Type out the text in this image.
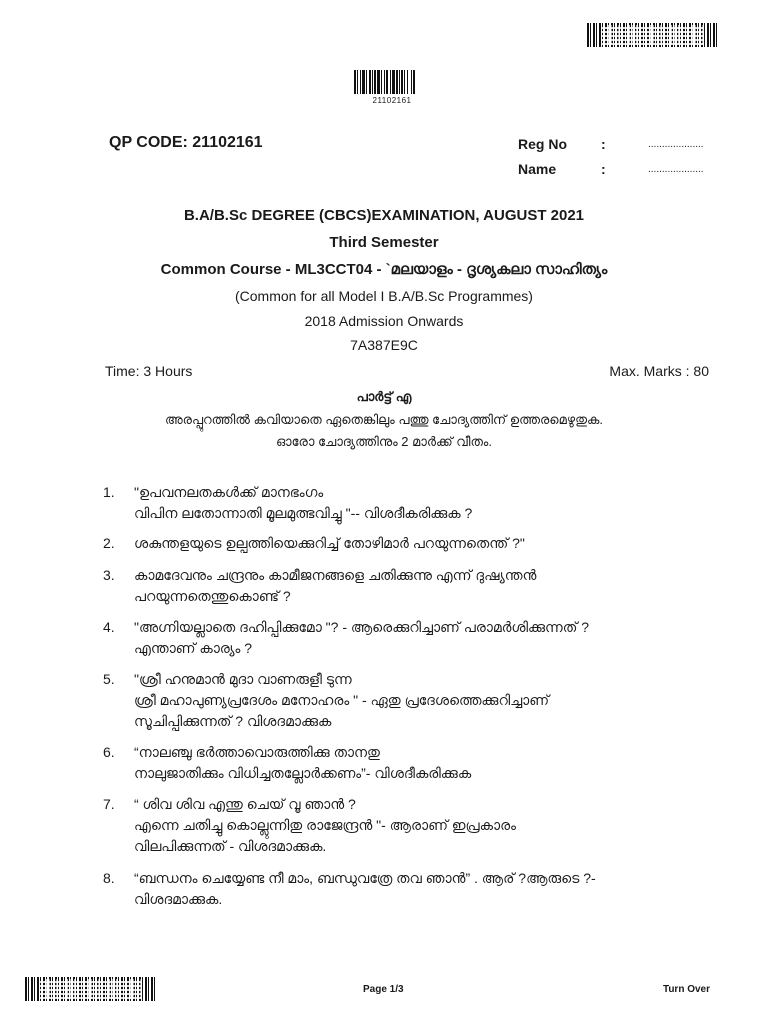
21102161
QP CODE: 21102161	Reg No :	....................
Name	:	....................
B.A/B.Sc DEGREE (CBCS)EXAMINATION, AUGUST 2021
Third Semester
Common Course - ML3CCT04 - `മലയാളം - ദൃശ്യകലാ സാഹിത്യം
(Common for all Model I B.A/B.Sc Programmes)
2018 Admission Onwards
7A387E9C
Time: 3 Hours	Max. Marks : 80
പാർട്ട് എ
അരപ്പുറത്തിൽ കവിയാതെ ഏതെങ്കിലും പത്തു ചോദ്യത്തിന് ഉത്തരമെഴുതുക.
ഓരോ ചോദ്യത്തിനും 2 മാർക്ക് വീതം.
1. "ഉപവനലതകൾക്ക് മാനഭംഗം
വിപിന ലതോന്നാതി മൂലമുത്ഭവിച്ചു "-- വിശദീകരിക്കുക ?
2. ശകുന്തളയുടെ ഉല്പത്തിയെക്കുറിച്ച് തോഴിമാർ പറയുന്നതെന്ത് ?"
3. കാമദേവനും ചന്ദ്രനും കാമീജനങ്ങളെ ചതിക്കുന്നു എന്ന് ദുഷ്യന്തൻ
പറയുന്നതെന്തുകൊണ്ട് ?
4. "അഗ്നിയല്ലാതെ ദഹിപ്പിക്കുമോ "? - ആരെക്കുറിച്ചാണ് പരാമർശിക്കുന്നത് ?
എന്താണ് കാര്യം ?
5. "ശ്രീ ഹനുമാൻ മുദാ വാണരുളീ ടുന്ന
ശ്രീ മഹാപുണ്യപ്രദേശം മനോഹരം " - ഏതു പ്രദേശത്തെക്കുറിച്ചാണ്
സൂചിപ്പിക്കുന്നത് ? വിശദമാക്കുക
6. “നാലഞ്ചു ഭർത്താവൊരുത്തിക്കു താനതു
നാലുജാതിക്കും വിധിച്ചതല്ലോർക്കണം”- വിശദീകരിക്കുക
7. “ ശിവ ശിവ എന്തു ചെയ് വൂ ഞാൻ ?
എന്നെ ചതിച്ചു കൊല്ലുന്നിതു രാജേന്ദ്രൻ "- ആരാണ് ഇപ്രകാരം
വിലപിക്കുന്നത് - വിശദമാക്കുക.
8. “ബന്ധനം ചെയ്യേണ്ട നീ മാം, ബന്ധുവത്രേ തവ ഞാൻ” . ആര് ?ആരുടെ ?-
വിശദമാക്കുക.
Page 1/3	Turn Over
